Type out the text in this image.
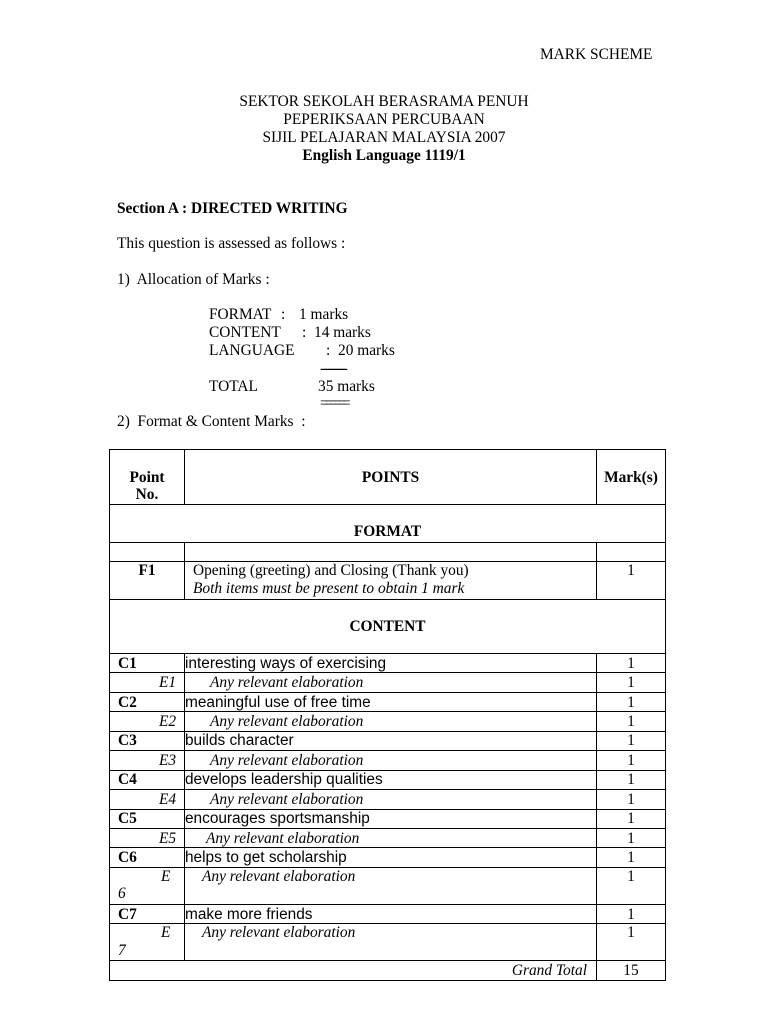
MARK SCHEME
SEKTOR SEKOLAH BERASRAMA PENUH
PEPERIKSAAN PERCUBAAN
SIJIL PELAJARAN MALAYSIA 2007
English Language 1119/1
Section A : DIRECTED WRITING
This question is assessed as follows :
1)  Allocation of Marks :
FORMAT : 1 marks
CONTENT : 14 marks
LANGUAGE : 20 marks
----------
TOTAL	35 marks
======
2)  Format & Content Marks  :
Point No.	POINTS	Mark(s)

FORMAT		

F1	Opening (greeting) and Closing (Thank you)
Both items must be present to obtain 1 mark	1

CONTENT		

C1	interesting ways of exercising	1

E1	Any relevant elaboration	1

C2	meaningful use of free time	1

E2	Any relevant elaboration	1

C3	builds character	1

E3	Any relevant elaboration	1

C4	develops leadership qualities	1

E4	Any relevant elaboration	1

C5	encourages sportsmanship	1

E5	Any relevant elaboration	1

C6	helps to get scholarship	1

E
6	Any relevant elaboration	1

C7	make more friends	1

E
7	Any relevant elaboration	1
Grand Total		15
